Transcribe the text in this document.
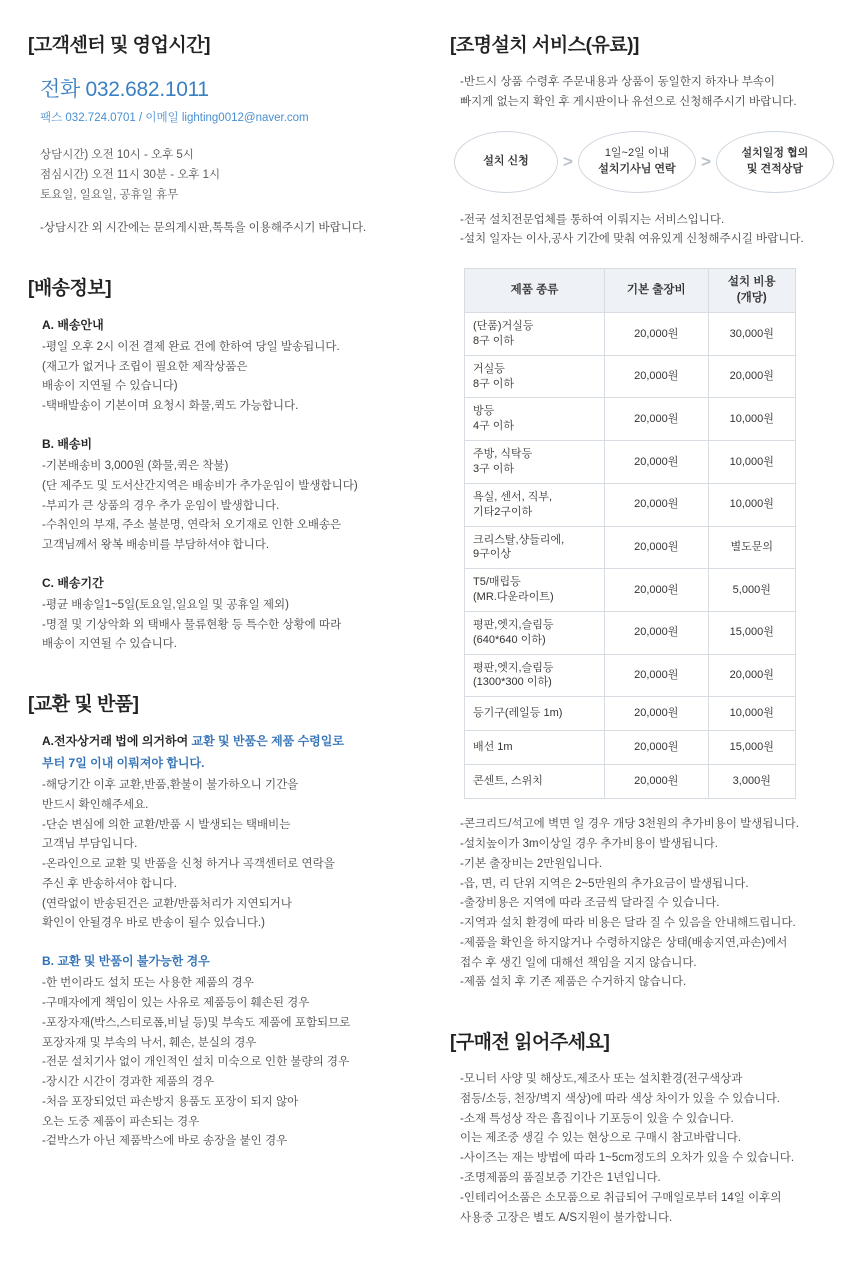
[고객센터 및 영업시간]
전화 032.682.1011
팩스 032.724.0701 / 이메일 lighting0012@naver.com
상담시간) 오전 10시 - 오후 5시
점심시간) 오전 11시 30분 - 오후 1시
토요일, 일요일, 공휴일 휴무
-상담시간 외 시간에는 문의게시판,톡톡을 이용해주시기 바랍니다.
[배송정보]
A. 배송안내
-평일 오후 2시 이전 결제 완료 건에 한하여 당일 발송됩니다.
(재고가 없거나 조립이 필요한 제작상품은
배송이 지연될 수 있습니다)
-택배발송이 기본이며 요청시 화물,퀵도 가능합니다.
B. 배송비
-기본배송비 3,000원 (화물,퀵은 착불)
(단 제주도 및 도서산간지역은 배송비가 추가운임이 발생합니다)
-부피가 큰 상품의 경우 추가 운임이 발생합니다.
-수취인의 부재, 주소 불분명, 연락처 오기재로 인한 오배송은
고객님께서 왕복 배송비를 부담하셔야 합니다.
C. 배송기간
-평균 배송일1~5일(토요일,일요일 및 공휴일 제외)
-명절 및 기상악화 외 택배사 물류현황 등 특수한 상황에 따라
배송이 지연될 수 있습니다.
[교환 및 반품]
A.전자상거래 법에 의거하여 교환 및 반품은 제품 수령일로
부터 7일 이내 이뤄져야 합니다.
-해당기간 이후 교환,반품,환불이 불가하오니 기간을
반드시 확인해주세요.
-단순 변심에 의한 교환/반품 시 발생되는 택배비는
고객님 부담입니다.
-온라인으로 교환 및 반품을 신청 하거나 곡객센터로 연락을
주신 후 반송하셔야 합니다.
(연락없이 반송된건은 교환/반품처리가 지연되거나
확인이 안될경우 바로 반송이 될수 있습니다.)
B. 교환 및 반품이 불가능한 경우
-한 번이라도 설치 또는 사용한 제품의 경우
-구매자에게 책임이 있는 사유로 제품등이 훼손된 경우
-포장자재(박스,스티로폼,비닐 등)및 부속도 제품에 포함되므로
포장자재 및 부속의 낙서, 훼손, 분실의 경우
-전문 설치기사 없이 개인적인 설치 미숙으로 인한 불량의 경우
-장시간 시간이 경과한 제품의 경우
-처음 포장되었던 파손방지 용품도 포장이 되지 않아
오는 도중 제품이 파손되는 경우
-겉박스가 아닌 제품박스에 바로 송장을 붙인 경우
[조명설치 서비스(유료)]
-반드시 상품 수령후 주문내용과 상품이 동일한지 하자나 부속이
빠지게 없는지 확인 후 게시판이나 유선으로 신청해주시기 바랍니다.
설치 신청 >	1일~2일 이내
설치기사님 연락 >	설치일정 협의
및 견적상담
-전국 설치전문업체를 통하여 이뤄지는 서비스입니다.
-설치 일자는 이사,공사 기간에 맞춰 여유있게 신청해주시길 바랍니다.
제품 종류	기본 출장비	설치 비용
(개당)

(단품)거실등
8구 이하	20,000원	30,000원

거실등
8구 이하	20,000원	20,000원

방등
4구 이하	20,000원	10,000원

주방, 식탁등
3구 이하	20,000원	10,000원

욕실, 센서, 직부,
기타2구이하	20,000원	10,000원

크리스탈,샹들리에,
9구이상	20,000원	별도문의

T5/매립등
(MR.다운라이트)	20,000원	5,000원

평판,엣지,슬림등
(640*640 이하)	20,000원	15,000원

평판,엣지,슬림등
(1300*300 이하)	20,000원	20,000원
등기구(레일등 1m)	20,000원	10,000원
배선 1m	20,000원	15,000원
콘센트, 스위치	20,000원	3,000원
-콘크리드/석고에 벽면 일 경우 개당 3천원의 추가비용이 발생됩니다.
-설치높이가 3m이상일 경우 추가비용이 발생됩니다.
-기본 출장비는 2만원입니다.
-읍, 면, 리 단위 지역은 2~5만원의 추가요금이 발생됩니다.
-출장비용은 지역에 따라 조금씩 달라질 수 있습니다.
-지역과 설치 환경에 따라 비용은 달라 질 수 있음을 안내해드립니다.
-제품을 확인을 하지않거나 수령하지않은 상태(배송지연,파손)에서
접수 후 생긴 일에 대해선 책임을 지지 않습니다.
-제품 설치 후 기존 제품은 수거하지 않습니다.
[구매전 읽어주세요]
-모니터 사양 및 해상도,제조사 또는 설치환경(전구색상과
점등/소등, 천장/벽지 색상)에 따라 색상 차이가 있을 수 있습니다.
-소재 특성상 작은 흠집이나 기포등이 있을 수 있습니다.
이는 제조중 생길 수 있는 현상으로 구매시 참고바랍니다.
-사이즈는 재는 방법에 따라 1~5cm정도의 오차가 있을 수 있습니다.
-조명제품의 품질보증 기간은 1년입니다.
-인테리어소품은 소모품으로 취급되어 구매일로부터 14일 이후의
사용중 고장은 별도 A/S지원이 불가합니다.
